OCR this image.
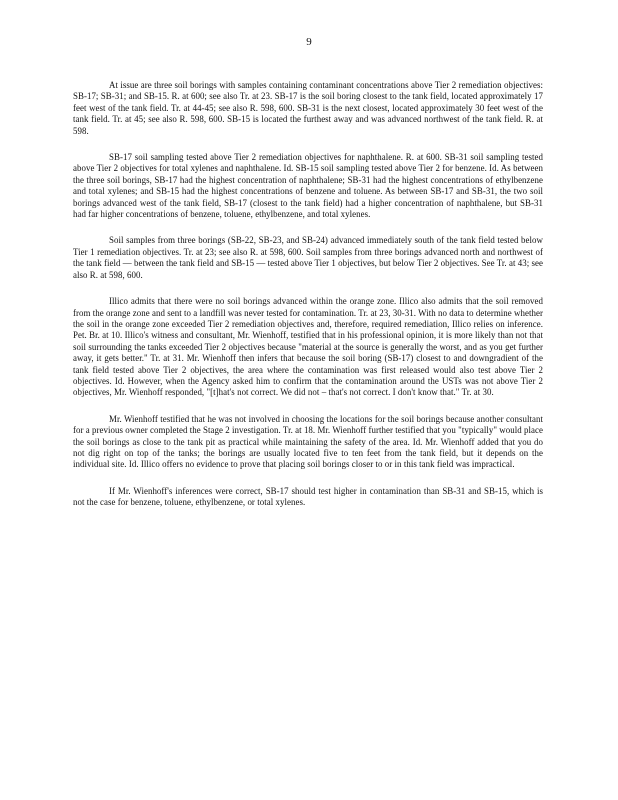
9

At issue are three soil borings with samples containing contaminant concentrations above Tier 2 remediation objectives: SB-17; SB-31; and SB-15. R. at 600; see also Tr. at 23. SB-17 is the soil boring closest to the tank field, located approximately 17 feet west of the tank field. Tr. at 44-45; see also R. 598, 600. SB-31 is the next closest, located approximately 30 feet west of the tank field. Tr. at 45; see also R. 598, 600. SB-15 is located the furthest away and was advanced northwest of the tank field. R. at 598.

SB-17 soil sampling tested above Tier 2 remediation objectives for naphthalene. R. at 600. SB-31 soil sampling tested above Tier 2 objectives for total xylenes and naphthalene. Id. SB-15 soil sampling tested above Tier 2 for benzene. Id. As between the three soil borings, SB-17 had the highest concentration of naphthalene; SB-31 had the highest concentrations of ethylbenzene and total xylenes; and SB-15 had the highest concentrations of benzene and toluene. As between SB-17 and SB-31, the two soil borings advanced west of the tank field, SB-17 (closest to the tank field) had a higher concentration of naphthalene, but SB-31 had far higher concentrations of benzene, toluene, ethylbenzene, and total xylenes.

Soil samples from three borings (SB-22, SB-23, and SB-24) advanced immediately south of the tank field tested below Tier 1 remediation objectives. Tr. at 23; see also R. at 598, 600. Soil samples from three borings advanced north and northwest of the tank field — between the tank field and SB-15 — tested above Tier 1 objectives, but below Tier 2 objectives. See Tr. at 43; see also R. at 598, 600.

Illico admits that there were no soil borings advanced within the orange zone. Illico also admits that the soil removed from the orange zone and sent to a landfill was never tested for contamination. Tr. at 23, 30-31. With no data to determine whether the soil in the orange zone exceeded Tier 2 remediation objectives and, therefore, required remediation, Illico relies on inference. Pet. Br. at 10. Illico's witness and consultant, Mr. Wienhoff, testified that in his professional opinion, it is more likely than not that soil surrounding the tanks exceeded Tier 2 objectives because "material at the source is generally the worst, and as you get further away, it gets better." Tr. at 31. Mr. Wienhoff then infers that because the soil boring (SB-17) closest to and downgradient of the tank field tested above Tier 2 objectives, the area where the contamination was first released would also test above Tier 2 objectives. Id. However, when the Agency asked him to confirm that the contamination around the USTs was not above Tier 2 objectives, Mr. Wienhoff responded, "[t]hat's not correct. We did not – that's not correct. I don't know that." Tr. at 30.

Mr. Wienhoff testified that he was not involved in choosing the locations for the soil borings because another consultant for a previous owner completed the Stage 2 investigation. Tr. at 18. Mr. Wienhoff further testified that you "typically" would place the soil borings as close to the tank pit as practical while maintaining the safety of the area. Id. Mr. Wienhoff added that you do not dig right on top of the tanks; the borings are usually located five to ten feet from the tank field, but it depends on the individual site. Id. Illico offers no evidence to prove that placing soil borings closer to or in this tank field was impractical.

If Mr. Wienhoff's inferences were correct, SB-17 should test higher in contamination than SB-31 and SB-15, which is not the case for benzene, toluene, ethylbenzene, or total xylenes.
